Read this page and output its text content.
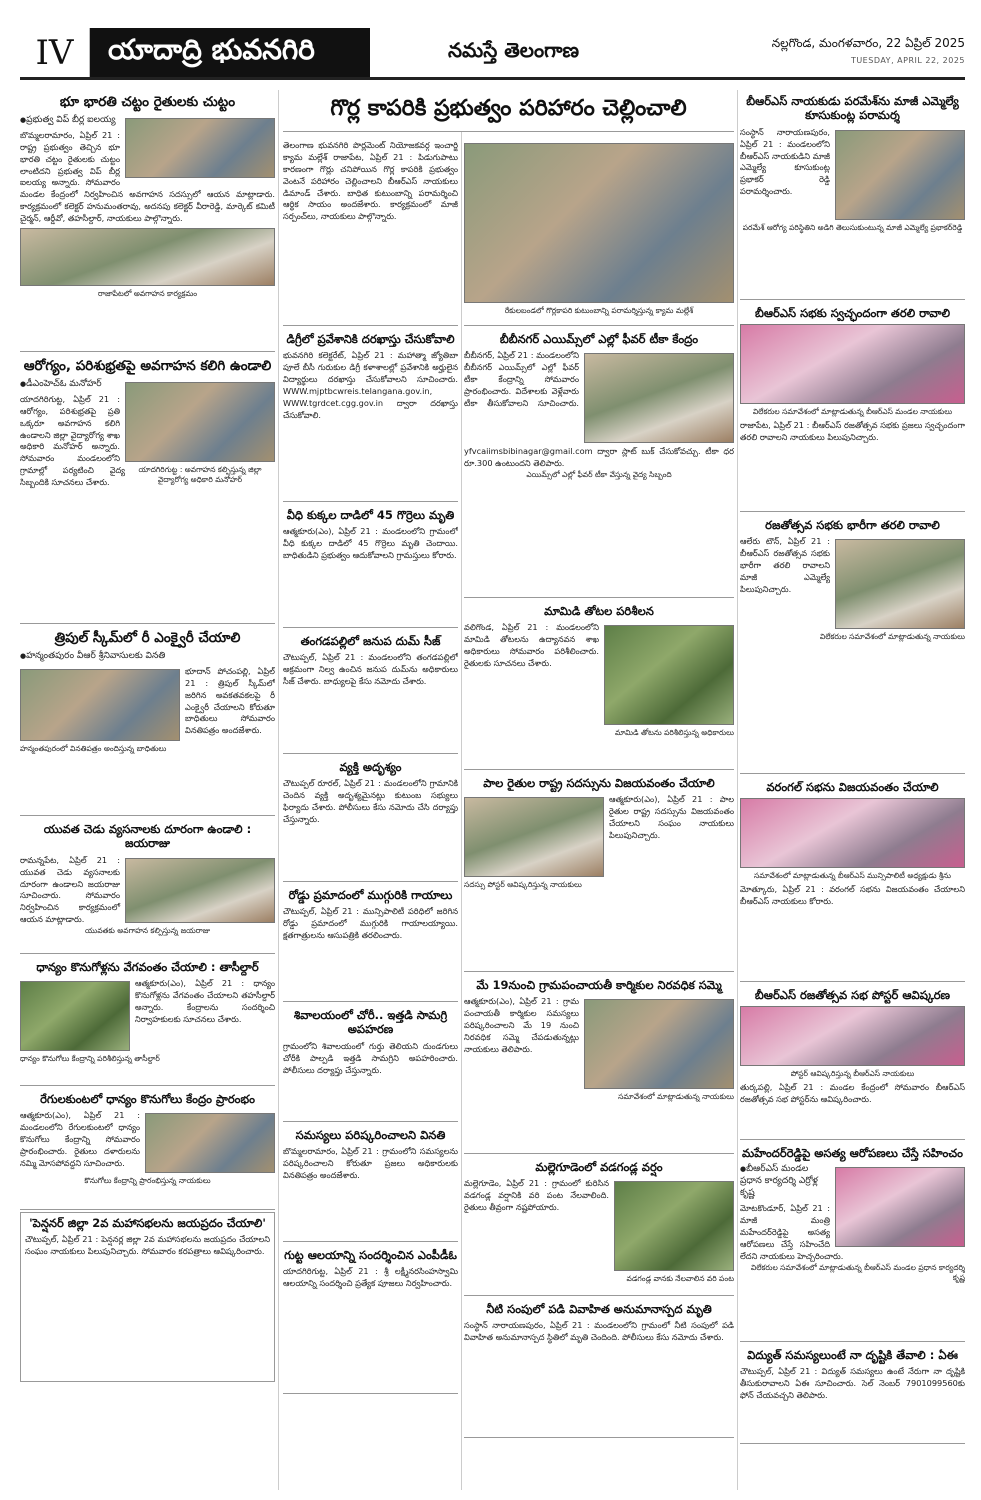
IV	యాదాద్రి భువనగిరి	నమస్తే తెలంగాణ	నల్లగొండ, మంగళవారం, 22 ఏప్రిల్ 2025
TUESDAY, APRIL 22, 2025
భూ భారతి చట్టం రైతులకు చుట్టం
● ప్రభుత్వ విప్ బీర్ల ఐలయ్య

బొమ్మలరామారం, ఏప్రిల్ 21 : రాష్ట్ర ప్రభుత్వం తెచ్చిన భూ భారతి చట్టం రైతులకు చుట్టం లాంటిదని ప్రభుత్వ విప్ బీర్ల ఐలయ్య అన్నారు. సోమవారం మండల కేంద్రంలో నిర్వహించిన అవగాహన సదస్సులో ఆయన మాట్లాడారు. కార్యక్రమంలో కలెక్టర్ హనుమంతరావు, అదనపు కలెక్టర్ వీరారెడ్డి, మార్కెట్ కమిటీ చైర్మన్, ఆర్డీవో, తహసీల్దార్, నాయకులు పాల్గొన్నారు.

రాజాపేటలో అవగాహన కార్యక్రమం
ఆరోగ్యం, పరిశుభ్రతపై అవగాహన కలిగి ఉండాలి
● డీఎంహెచ్ఓ మనోహర్
యాదగిరిగుట్ట : అవగాహన కల్పిస్తున్న జిల్లా వైద్యారోగ్య అధికారి మనోహర్

యాదగిరిగుట్ట, ఏప్రిల్ 21 : ఆరోగ్యం, పరిశుభ్రతపై ప్రతి ఒక్కరూ అవగాహన కలిగి ఉండాలని జిల్లా వైద్యారోగ్య శాఖ అధికారి మనోహర్ అన్నారు. సోమవారం మండలంలోని గ్రామాల్లో పర్యటించి వైద్య సిబ్బందికి సూచనలు చేశారు.

త్రిపుల్ స్కీమ్‌లో రీ ఎంక్వైరీ చేయాలి
● హన్మంతపురం వీఆర్ శ్రీనివాసులకు వినతి

భూదాన్ పోచంపల్లి, ఏప్రిల్ 21 : త్రిపుల్ స్కీమ్‌లో జరిగిన అవకతవకలపై రీ ఎంక్వైరీ చేయాలని కోరుతూ బాధితులు సోమవారం వినతిపత్రం అందజేశారు.

హన్మంతపురంలో వినతిపత్రం అందిస్తున్న బాధితులు
యువత చెడు వ్యసనాలకు దూరంగా ఉండాలి : జయరాజు

రామన్నపేట, ఏప్రిల్ 21 : యువత చెడు వ్యసనాలకు దూరంగా ఉండాలని జయరాజు సూచించారు. సోమవారం నిర్వహించిన కార్యక్రమంలో ఆయన మాట్లాడారు.

యువతకు అవగాహన కల్పిస్తున్న జయరాజు
ధాన్యం కొనుగోళ్లను వేగవంతం చేయాలి : తాసీల్దార్

ఆత్మకూరు(ఎం), ఏప్రిల్ 21 : ధాన్యం కొనుగోళ్లను వేగవంతం చేయాలని తహసీల్దార్ అన్నారు. కేంద్రాలను సందర్శించి నిర్వాహకులకు సూచనలు చేశారు.

ధాన్యం కొనుగోలు కేంద్రాన్ని పరిశీలిస్తున్న తాసీల్దార్
రేగులకుంటలో ధాన్యం కొనుగోలు కేంద్రం ప్రారంభం

ఆత్మకూరు(ఎం), ఏప్రిల్ 21 : మండలంలోని రేగులకుంటలో ధాన్యం కొనుగోలు కేంద్రాన్ని సోమవారం ప్రారంభించారు. రైతులు దళారులను నమ్మి మోసపోవద్దని సూచించారు.

కొనుగోలు కేంద్రాన్ని ప్రారంభిస్తున్న నాయకులు
'పెన్షనర్ జిల్లా 2వ మహాసభలను జయప్రదం చేయాలి'

చౌటుప్పల్, ఏప్రిల్ 21 : పెన్షనర్ల జిల్లా 2వ మహాసభలను జయప్రదం చేయాలని సంఘం నాయకులు పిలుపునిచ్చారు. సోమవారం కరపత్రాలు ఆవిష్కరించారు.

గొర్ల కాపరికి ప్రభుత్వం పరిహారం చెల్లించాలి

తెలంగాణ భువనగిరి పొర్లమెంట్ నియోజకవర్గ ఇంచార్జి క్యామ మల్లేశ్ రాజాపేట, ఏప్రిల్ 21 : పిడుగుపాటు కారణంగా గొర్లు చనిపోయిన గొర్ల కాపరికి ప్రభుత్వం వెంటనే పరిహారం చెల్లించాలని బీఆర్ఎస్ నాయకులు డిమాండ్ చేశారు. బాధిత కుటుంబాన్ని పరామర్శించి ఆర్థిక సాయం అందజేశారు. కార్యక్రమంలో మాజీ సర్పంచ్‌లు, నాయకులు పాల్గొన్నారు.

డిగ్రీలో ప్రవేశానికి దరఖాస్తు చేసుకోవాలి

భువనగిరి కలెక్టరేట్, ఏప్రిల్ 21 : మహాత్మా జ్యోతిబా పూలే బీసీ గురుకుల డిగ్రీ కళాశాలల్లో ప్రవేశానికి అర్హులైన విద్యార్థులు దరఖాస్తు చేసుకోవాలని సూచించారు. WWW.mjptbcwreis.telangana.gov.in, WWW.tgrdcet.cgg.gov.in ద్వారా దరఖాస్తు చేసుకోవాలి.

వీధి కుక్కల దాడిలో 45 గొర్రెలు మృతి

ఆత్మకూరు(ఎం), ఏప్రిల్ 21 : మండలంలోని గ్రామంలో వీధి కుక్కల దాడిలో 45 గొర్రెలు మృతి చెందాయి. బాధితుడిని ప్రభుత్వం ఆదుకోవాలని గ్రామస్తులు కోరారు.

తంగడపల్లిలో జనుప దుమ్ సీజ్

చౌటుప్పల్, ఏప్రిల్ 21 : మండలంలోని తంగడపల్లిలో అక్రమంగా నిల్వ ఉంచిన జనుప దుమ్‌ను అధికారులు సీజ్ చేశారు. బాధ్యులపై కేసు నమోదు చేశారు.

వ్యక్తి అదృశ్యం

చౌటుప్పల్ రూరల్, ఏప్రిల్ 21 : మండలంలోని గ్రామానికి చెందిన వ్యక్తి అదృశ్యమైనట్లు కుటుంబ సభ్యులు ఫిర్యాదు చేశారు. పోలీసులు కేసు నమోదు చేసి దర్యాప్తు చేస్తున్నారు.

రోడ్డు ప్రమాదంలో ముగ్గురికి గాయాలు

చౌటుప్పల్, ఏప్రిల్ 21 : మున్సిపాలిటీ పరిధిలో జరిగిన రోడ్డు ప్రమాదంలో ముగ్గురికి గాయాలయ్యాయి. క్షతగాత్రులను ఆసుపత్రికి తరలించారు.

శివాలయంలో చోరీ.. ఇత్తడి సామగ్రి అపహరణ

గ్రామంలోని శివాలయంలో గుర్తు తెలియని దుండగులు చోరీకి పాల్పడి ఇత్తడి సామగ్రిని అపహరించారు. పోలీసులు దర్యాప్తు చేస్తున్నారు.

సమస్యలు పరిష్కరించాలని వినతి

బొమ్మలరామారం, ఏప్రిల్ 21 : గ్రామంలోని సమస్యలను పరిష్కరించాలని కోరుతూ ప్రజలు అధికారులకు వినతిపత్రం అందజేశారు.

గుట్ట ఆలయాన్ని సందర్శించిన ఎంపీడీఓ

యాదగిరిగుట్ట, ఏప్రిల్ 21 : శ్రీ లక్ష్మీనరసింహస్వామి ఆలయాన్ని సందర్శించి ప్రత్యేక పూజలు నిర్వహించారు.

రేకులబండలో గొర్లకాపరి కుటుంబాన్ని పరామర్శిస్తున్న క్యామ మల్లేశ్
బీబీనగర్ ఎయిమ్స్‌లో ఎల్లో ఫీవర్ టీకా కేంద్రం

బీబీనగర్, ఏప్రిల్ 21 : మండలంలోని బీబీనగర్ ఎయిమ్స్‌లో ఎల్లో ఫీవర్ టీకా కేంద్రాన్ని సోమవారం ప్రారంభించారు. విదేశాలకు వెళ్లేవారు టీకా తీసుకోవాలని సూచించారు. yfvcaiimsbibinagar@gmail.com ద్వారా స్లాట్ బుక్ చేసుకోవచ్చు. టీకా ధర రూ.300 ఉంటుందని తెలిపారు.

ఎయిమ్స్‌లో ఎల్లో ఫీవర్ టీకా వేస్తున్న వైద్య సిబ్బంది
మామిడి తోటల పరిశీలన

వలిగొండ, ఏప్రిల్ 21 : మండలంలోని మామిడి తోటలను ఉద్యానవన శాఖ అధికారులు సోమవారం పరిశీలించారు. రైతులకు సూచనలు చేశారు.

మామిడి తోటను పరిశీలిస్తున్న అధికారులు
పాల రైతుల రాష్ట్ర సదస్సును విజయవంతం చేయాలి

ఆత్మకూరు(ఎం), ఏప్రిల్ 21 : పాల రైతుల రాష్ట్ర సదస్సును విజయవంతం చేయాలని సంఘం నాయకులు పిలుపునిచ్చారు.

సదస్సు పోస్టర్ ఆవిష్కరిస్తున్న నాయకులు
మే 19నుంచి గ్రామపంచాయతీ కార్మికుల నిరవధిక సమ్మె

ఆత్మకూరు(ఎం), ఏప్రిల్ 21 : గ్రామ పంచాయతీ కార్మికుల సమస్యలు పరిష్కరించాలని మే 19 నుంచి నిరవధిక సమ్మె చేపడుతున్నట్లు నాయకులు తెలిపారు.

సమావేశంలో మాట్లాడుతున్న నాయకులు
మల్లెగూడెంలో వడగండ్ల వర్షం

మల్లెగూడెం, ఏప్రిల్ 21 : గ్రామంలో కురిసిన వడగండ్ల వర్షానికి వరి పంట నేలవాలింది. రైతులు తీవ్రంగా నష్టపోయారు.

వడగండ్ల వానకు నేలవాలిన వరి పంట
నీటి సంపులో పడి వివాహిత అనుమానాస్పద మృతి

సంస్థాన్ నారాయణపురం, ఏప్రిల్ 21 : మండలంలోని గ్రామంలో నీటి సంపులో పడి వివాహిత అనుమానాస్పద స్థితిలో మృతి చెందింది. పోలీసులు కేసు నమోదు చేశారు.

బీఆర్ఎస్ నాయకుడు పరమేశ్‌ను మాజీ ఎమ్మెల్యే కూసుకుంట్ల పరామర్శ

సంస్థాన్ నారాయణపురం, ఏప్రిల్ 21 : మండలంలోని బీఆర్ఎస్ నాయకుడిని మాజీ ఎమ్మెల్యే కూసుకుంట్ల ప్రభాకర్ రెడ్డి పరామర్శించారు.

పరమేశ్ ఆరోగ్య పరిస్థితిని అడిగి తెలుసుకుంటున్న మాజీ ఎమ్మెల్యే ప్రభాకర్‌రెడ్డి
బీఆర్ఎస్ సభకు స్వచ్ఛందంగా తరలి రావాలి
విలేకరుల సమావేశంలో మాట్లాడుతున్న బీఆర్ఎస్ మండల నాయకులు

రాజాపేట, ఏప్రిల్ 21 : బీఆర్ఎస్ రజతోత్సవ సభకు ప్రజలు స్వచ్ఛందంగా తరలి రావాలని నాయకులు పిలుపునిచ్చారు.

రజతోత్సవ సభకు భారీగా తరలి రావాలి

ఆలేరు టౌన్, ఏప్రిల్ 21 : బీఆర్ఎస్ రజతోత్సవ సభకు భారీగా తరలి రావాలని మాజీ ఎమ్మెల్యే పిలుపునిచ్చారు.

విలేకరుల సమావేశంలో మాట్లాడుతున్న నాయకులు
వరంగల్ సభను విజయవంతం చేయాలి
సమావేశంలో మాట్లాడుతున్న బీఆర్ఎస్ మున్సిపాలిటీ అధ్యక్షుడు శ్రీను

మోత్కూరు, ఏప్రిల్ 21 : వరంగల్ సభను విజయవంతం చేయాలని బీఆర్ఎస్ నాయకులు కోరారు.

బీఆర్ఎస్ రజతోత్సవ సభ పోస్టర్ ఆవిష్కరణ
పోస్టర్ ఆవిష్కరిస్తున్న బీఆర్ఎస్ నాయకులు

తుర్కపల్లి, ఏప్రిల్ 21 : మండల కేంద్రంలో సోమవారం బీఆర్ఎస్ రజతోత్సవ సభ పోస్టర్‌ను ఆవిష్కరించారు.

మహేందర్‌రెడ్డిపై అసత్య ఆరోపణలు చేస్తే సహించం
● బీఆర్ఎస్ మండల ప్రధాన కార్యదర్శి ఎర్రోళ్ల కృష్ణ

మోటకొండూర్, ఏప్రిల్ 21 : మాజీ మంత్రి మహేందర్‌రెడ్డిపై అసత్య ఆరోపణలు చేస్తే సహించేది లేదని నాయకులు హెచ్చరించారు.

విలేకరుల సమావేశంలో మాట్లాడుతున్న బీఆర్ఎస్ మండల ప్రధాన కార్యదర్శి కృష్ణ
విద్యుత్ సమస్యలుంటే నా దృష్టికి తేవాలి : ఏఈ

చౌటుప్పల్, ఏప్రిల్ 21 : విద్యుత్ సమస్యలు ఉంటే నేరుగా నా దృష్టికి తీసుకురావాలని ఏఈ సూచించారు. సెల్ నెంబర్ 7901099560కు ఫోన్ చేయవచ్చని తెలిపారు.
